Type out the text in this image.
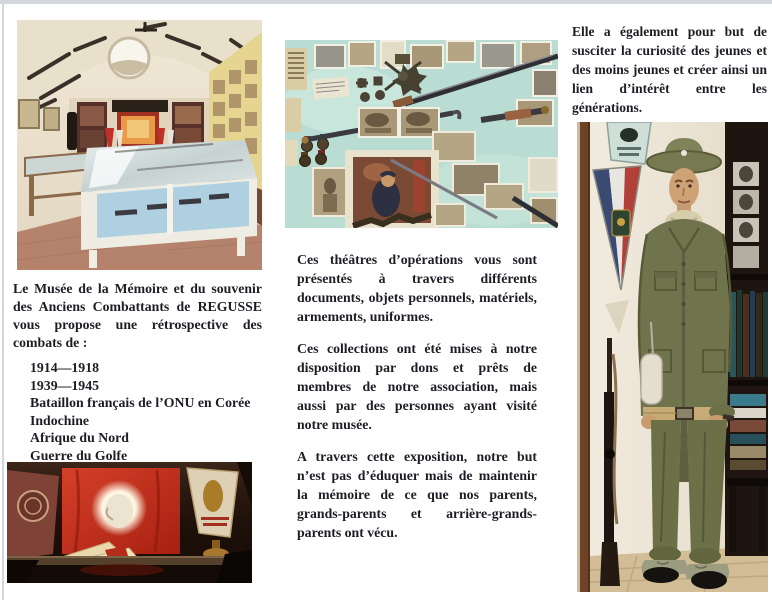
Le Musée de la Mémoire et du souvenir des Anciens Combattants de REGUSSE vous propose une rétrospective des combats de :
1914—1918
1939—1945
Bataillon français de l’ONU en Corée
Indochine
Afrique du Nord
Guerre du Golfe

Ces théâtres d’opérations vous sont présentés à travers différents documents, objets personnels, matériels, armements, uniformes.

Ces collections ont été mises à notre disposition par dons et prêts de membres de notre association, mais aussi par des personnes ayant visité notre musée.

A travers cette exposition, notre but n’est pas d’éduquer mais de maintenir la mémoire de ce que nos parents, grands-parents et arrière-grands-parents ont vécu.

Elle a également pour but de susciter la curiosité des jeunes et des moins jeunes et créer ainsi un lien d’intérêt entre les générations.
